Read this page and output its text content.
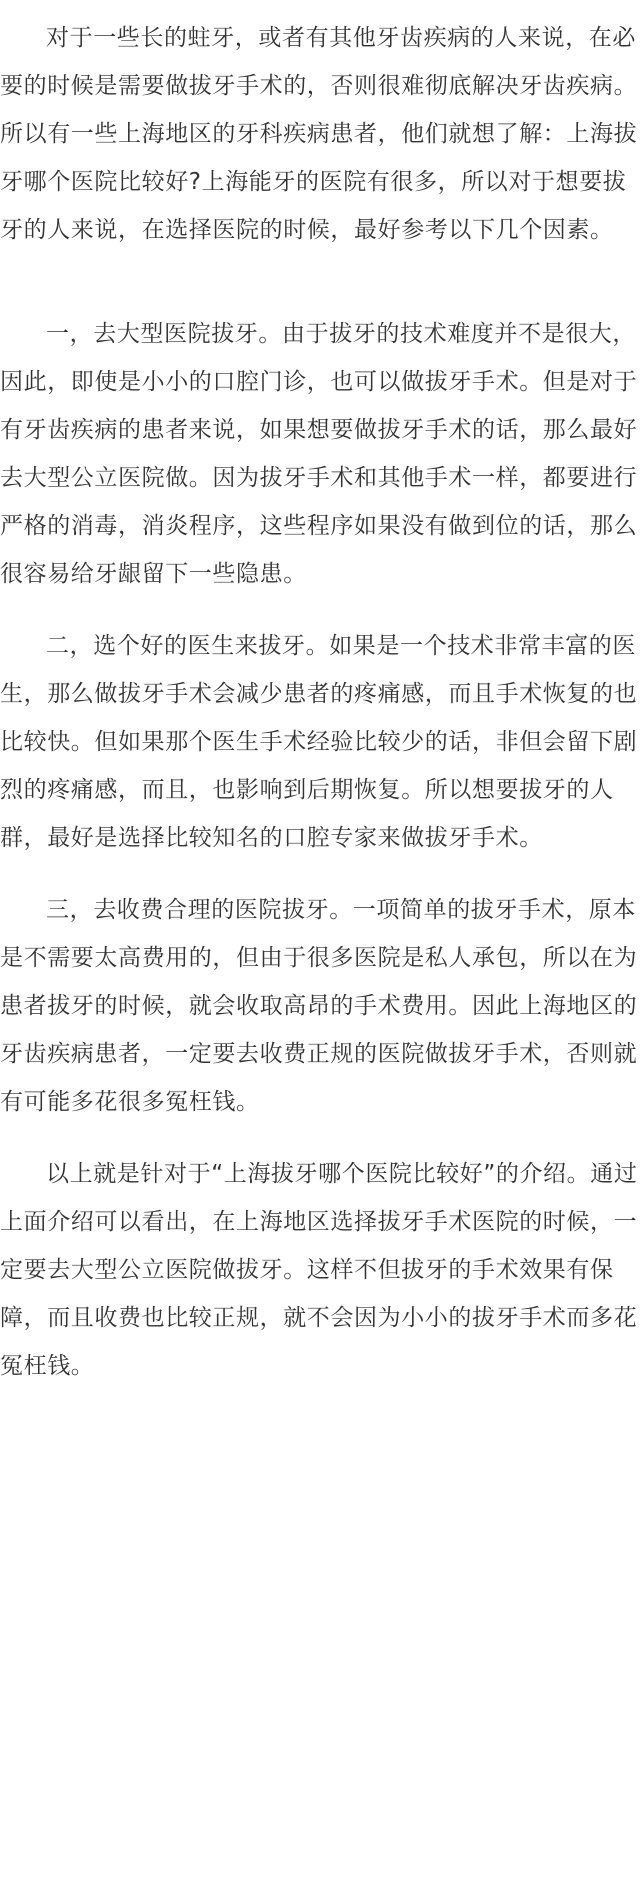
对于一些长的蛀牙，或者有其他牙齿疾病的人来说，在必要的时候是需要做拔牙手术的，否则很难彻底解决牙齿疾病。所以有一些上海地区的牙科疾病患者，他们就想了解：上海拔牙哪个医院比较好?上海能牙的医院有很多，所以对于想要拔牙的人来说，在选择医院的时候，最好参考以下几个因素。

一，去大型医院拔牙。由于拔牙的技术难度并不是很大，因此，即使是小小的口腔门诊，也可以做拔牙手术。但是对于有牙齿疾病的患者来说，如果想要做拔牙手术的话，那么最好去大型公立医院做。因为拔牙手术和其他手术一样，都要进行严格的消毒，消炎程序，这些程序如果没有做到位的话，那么很容易给牙龈留下一些隐患。

二，选个好的医生来拔牙。如果是一个技术非常丰富的医生，那么做拔牙手术会减少患者的疼痛感，而且手术恢复的也比较快。但如果那个医生手术经验比较少的话，非但会留下剧烈的疼痛感，而且，也影响到后期恢复。所以想要拔牙的人群，最好是选择比较知名的口腔专家来做拔牙手术。

三，去收费合理的医院拔牙。一项简单的拔牙手术，原本是不需要太高费用的，但由于很多医院是私人承包，所以在为患者拔牙的时候，就会收取高昂的手术费用。因此上海地区的牙齿疾病患者，一定要去收费正规的医院做拔牙手术，否则就有可能多花很多冤枉钱。

以上就是针对于“上海拔牙哪个医院比较好”的介绍。通过上面介绍可以看出，在上海地区选择拔牙手术医院的时候，一定要去大型公立医院做拔牙。这样不但拔牙的手术效果有保障，而且收费也比较正规，就不会因为小小的拔牙手术而多花冤枉钱。
